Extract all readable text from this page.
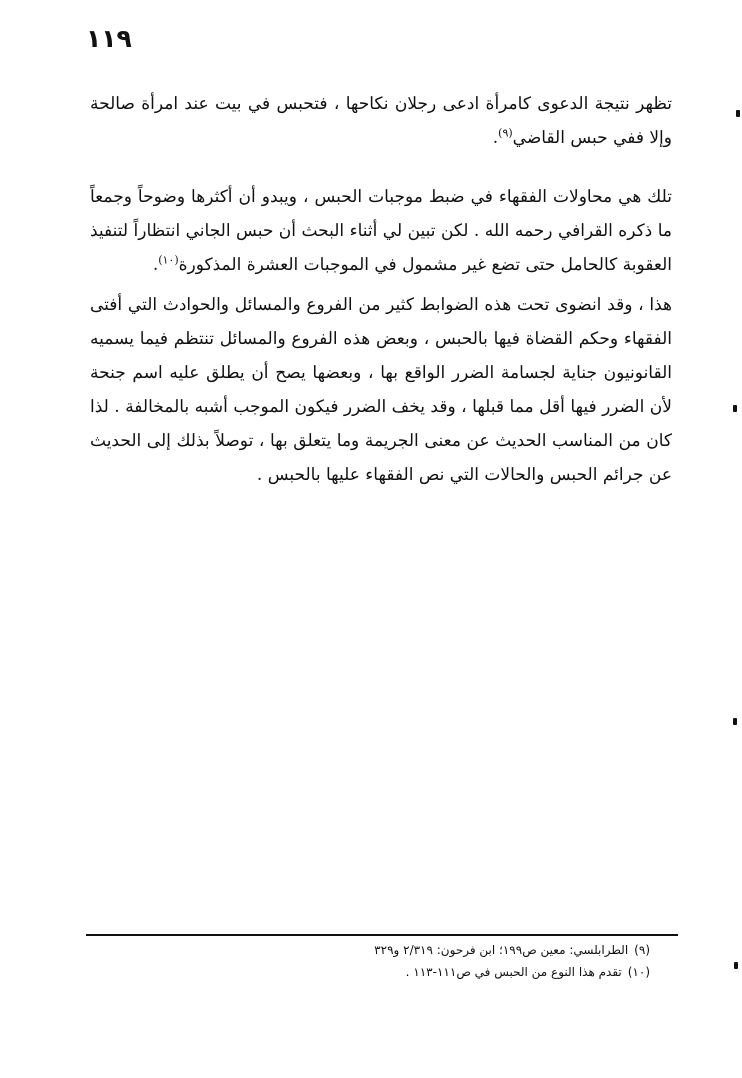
١١٩

تظهر نتيجة الدعوى كامرأة ادعى رجلان نكاحها ، فتحبس في بيت عند امرأة صالحة وإلا ففي حبس القاضي$^{(٩)}$.

تلك هي محاولات الفقهاء في ضبط موجبات الحبس ، ويبدو أن أكثرها وضوحاً وجمعاً ما ذكره القرافي رحمه الله . لكن تبين لي أثناء البحث أن حبس الجاني انتظاراً لتنفيذ العقوبة كالحامل حتى تضع غير مشمول في الموجبات العشرة المذكورة$^{(١٠)}$.

هذا ، وقد انضوى تحت هذه الضوابط كثير من الفروع والمسائل والحوادث التي أفتى الفقهاء وحكم القضاة فيها بالحبس ، وبعض هذه الفروع والمسائل تنتظم فيما يسميه القانونيون جناية لجسامة الضرر الواقع بها ، وبعضها يصح أن يطلق عليه اسم جنحة لأن الضرر فيها أقل مما قبلها ، وقد يخف الضرر فيكون الموجب أشبه بالمخالفة . لذا كان من المناسب الحديث عن معنى الجريمة وما يتعلق بها ، توصلاً بذلك إلى الحديث عن جرائم الحبس والحالات التي نص الفقهاء عليها بالحبس .

(٩)الطرابلسي: معين ص١٩٩؛ ابن فرحون: ٢/٣١٩ و٣٢٩
(١٠)تقدم هذا النوع من الحبس في ص١١١-١١٣ .
